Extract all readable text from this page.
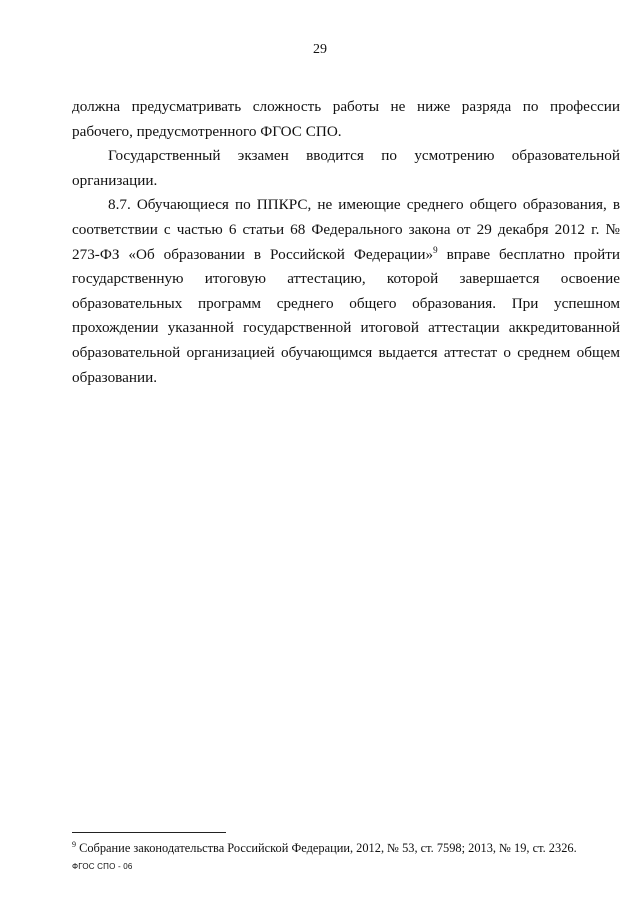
29

должна предусматривать сложность работы не ниже разряда по профессии рабочего, предусмотренного ФГОС СПО.

Государственный экзамен вводится по усмотрению образовательной организации.

8.7. Обучающиеся по ППКРС, не имеющие среднего общего образования, в соответствии с частью 6 статьи 68 Федерального закона от 29 декабря 2012 г. № 273-ФЗ «Об образовании в Российской Федерации»$^9$ вправе бесплатно пройти государственную итоговую аттестацию, которой завершается освоение образовательных программ среднего общего образования. При успешном прохождении указанной государственной итоговой аттестации аккредитованной образовательной организацией обучающимся выдается аттестат о среднем общем образовании.

$^9$ Собрание законодательства Российской Федерации, 2012, № 53, ст. 7598; 2013, № 19, ст. 2326.
ФГОС СПО - 06
